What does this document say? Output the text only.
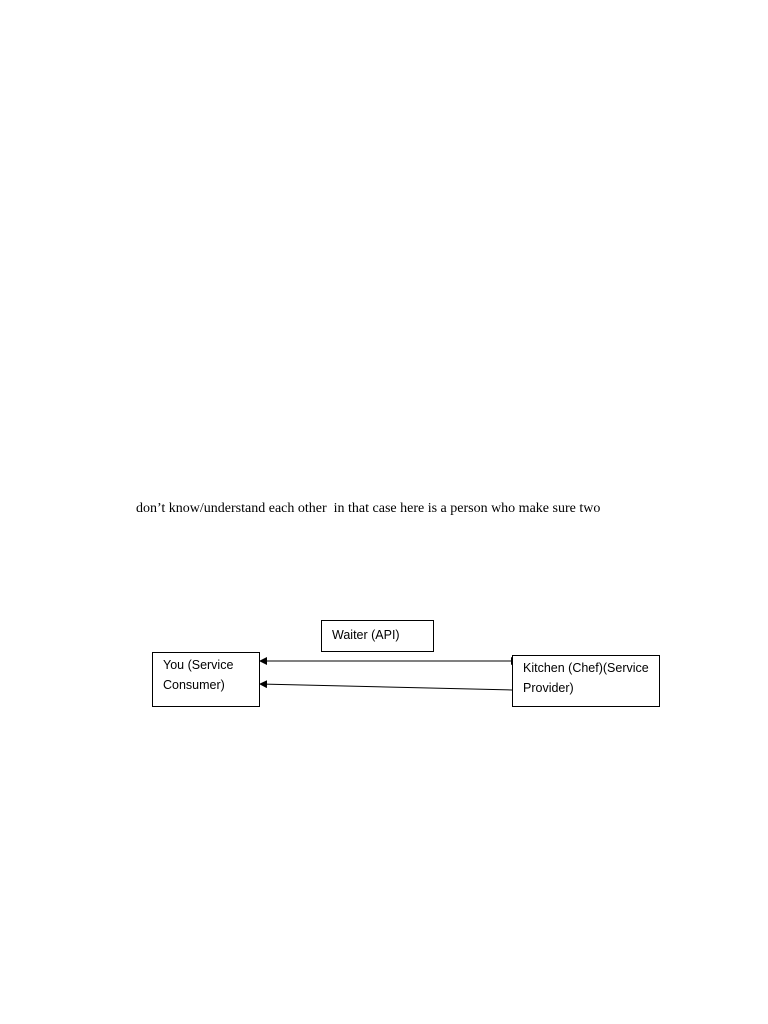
don’t know/understand each other  in that case here is a person who make sure two
Waiter (API)
You (Service
Consumer)
Kitchen (Chef)(Service
Provider)
